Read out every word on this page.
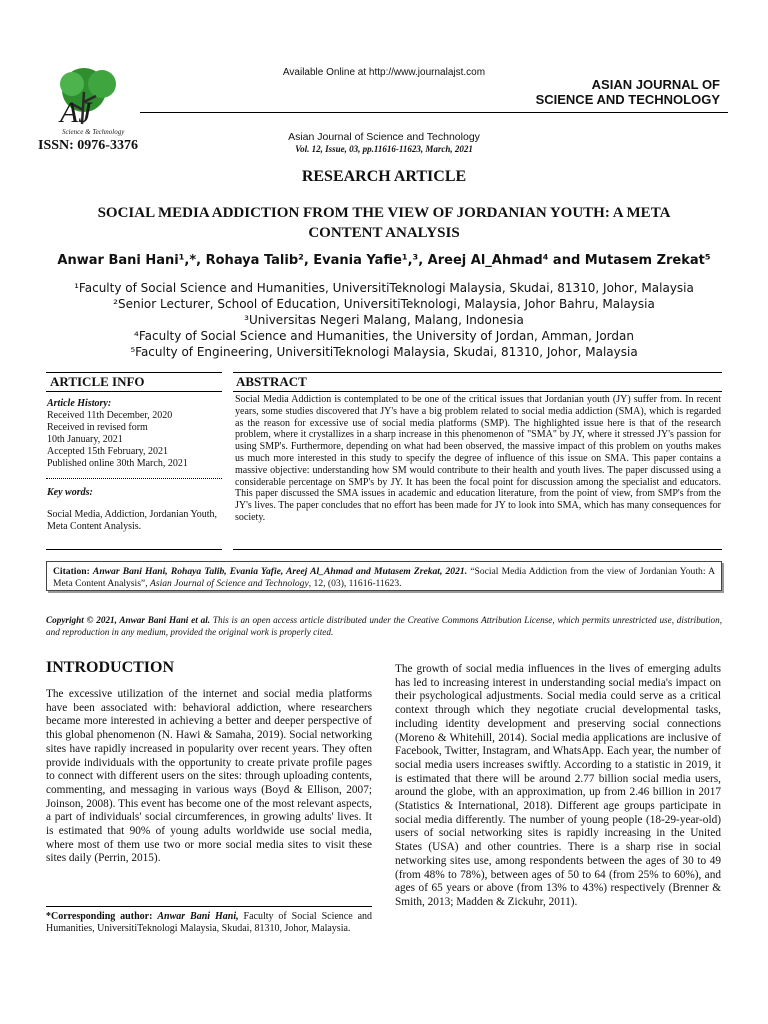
AJ
Science & Technology
ISSN: 0976-3376
Available Online at http://www.journalajst.com
ASIAN JOURNAL OF
SCIENCE AND TECHNOLOGY
Asian Journal of Science and Technology
Vol. 12, Issue, 03, pp.11616-11623, March, 2021
RESEARCH ARTICLE
SOCIAL MEDIA ADDICTION FROM THE VIEW OF JORDANIAN YOUTH: A META
CONTENT ANALYSIS
Anwar Bani Hani¹,*, Rohaya Talib², Evania Yafie¹,³, Areej Al_Ahmad⁴ and Mutasem Zrekat⁵
¹Faculty of Social Science and Humanities, UniversitiTeknologi Malaysia, Skudai, 81310, Johor, Malaysia
²Senior Lecturer, School of Education, UniversitiTeknologi, Malaysia, Johor Bahru, Malaysia
³Universitas Negeri Malang, Malang, Indonesia
⁴Faculty of Social Science and Humanities, the University of Jordan, Amman, Jordan
⁵Faculty of Engineering, UniversitiTeknologi Malaysia, Skudai, 81310, Johor, Malaysia
ARTICLE INFO	ABSTRACT
Article History:
Received 11th December, 2020
Received in revised form
10th January, 2021
Accepted 15th February, 2021
Published online 30th March, 2021
Key words:
Social Media, Addiction, Jordanian Youth, Meta Content Analysis.
Social Media Addiction is contemplated to be one of the critical issues that Jordanian youth (JY) suffer from. In recent years, some studies discovered that JY's have a big problem related to social media addiction (SMA), which is regarded as the reason for excessive use of social media platforms (SMP). The highlighted issue here is that of the research problem, where it crystallizes in a sharp increase in this phenomenon of "SMA" by JY, where it stressed JY's passion for using SMP's. Furthermore, depending on what had been observed, the massive impact of this problem on youths makes us much more interested in this study to specify the degree of influence of this issue on SMA. This paper contains a massive objective: understanding how SM would contribute to their health and youth lives. The paper discussed using a considerable percentage on SMP's by JY. It has been the focal point for discussion among the specialist and educators. This paper discussed the SMA issues in academic and education literature, from the point of view, from SMP's from the JY's lives. The paper concludes that no effort has been made for JY to look into SMA, which has many consequences for society.
Citation: Anwar Bani Hani, Rohaya Talib, Evania Yafie, Areej Al_Ahmad and Mutasem Zrekat, 2021. “Social Media Addiction from the view of Jordanian Youth: A Meta Content Analysis”, Asian Journal of Science and Technology, 12, (03), 11616-11623.
Copyright © 2021, Anwar Bani Hani et al. This is an open access article distributed under the Creative Commons Attribution License, which permits unrestricted use, distribution, and reproduction in any medium, provided the original work is properly cited.
INTRODUCTION

The excessive utilization of the internet and social media platforms have been associated with: behavioral addiction, where researchers became more interested in achieving a better and deeper perspective of this global phenomenon (N. Hawi & Samaha, 2019). Social networking sites have rapidly increased in popularity over recent years. They often provide individuals with the opportunity to create private profile pages to connect with different users on the sites: through uploading contents, commenting, and messaging in various ways (Boyd & Ellison, 2007; Joinson, 2008). This event has become one of the most relevant aspects, a part of individuals' social circumferences, in growing adults' lives. It is estimated that 90% of young adults worldwide use social media, where most of them use two or more social media sites to visit these sites daily (Perrin, 2015).

The growth of social media influences in the lives of emerging adults has led to increasing interest in understanding social media's impact on their psychological adjustments. Social media could serve as a critical context through which they negotiate crucial developmental tasks, including identity development and preserving social connections (Moreno & Whitehill, 2014). Social media applications are inclusive of Facebook, Twitter, Instagram, and WhatsApp. Each year, the number of social media users increases swiftly. According to a statistic in 2019, it is estimated that there will be around 2.77 billion social media users, around the globe, with an approximation, up from 2.46 billion in 2017 (Statistics & International, 2018). Different age groups participate in social media differently. The number of young people (18-29-year-old) users of social networking sites is rapidly increasing in the United States (USA) and other countries. There is a sharp rise in social networking sites use, among respondents between the ages of 30 to 49 (from 48% to 78%), between ages of 50 to 64 (from 25% to 60%), and ages of 65 years or above (from 13% to 43%) respectively (Brenner & Smith, 2013; Madden & Zickuhr, 2011).

*Corresponding author: Anwar Bani Hani, Faculty of Social Science and Humanities, UniversitiTeknologi Malaysia, Skudai, 81310, Johor, Malaysia.
